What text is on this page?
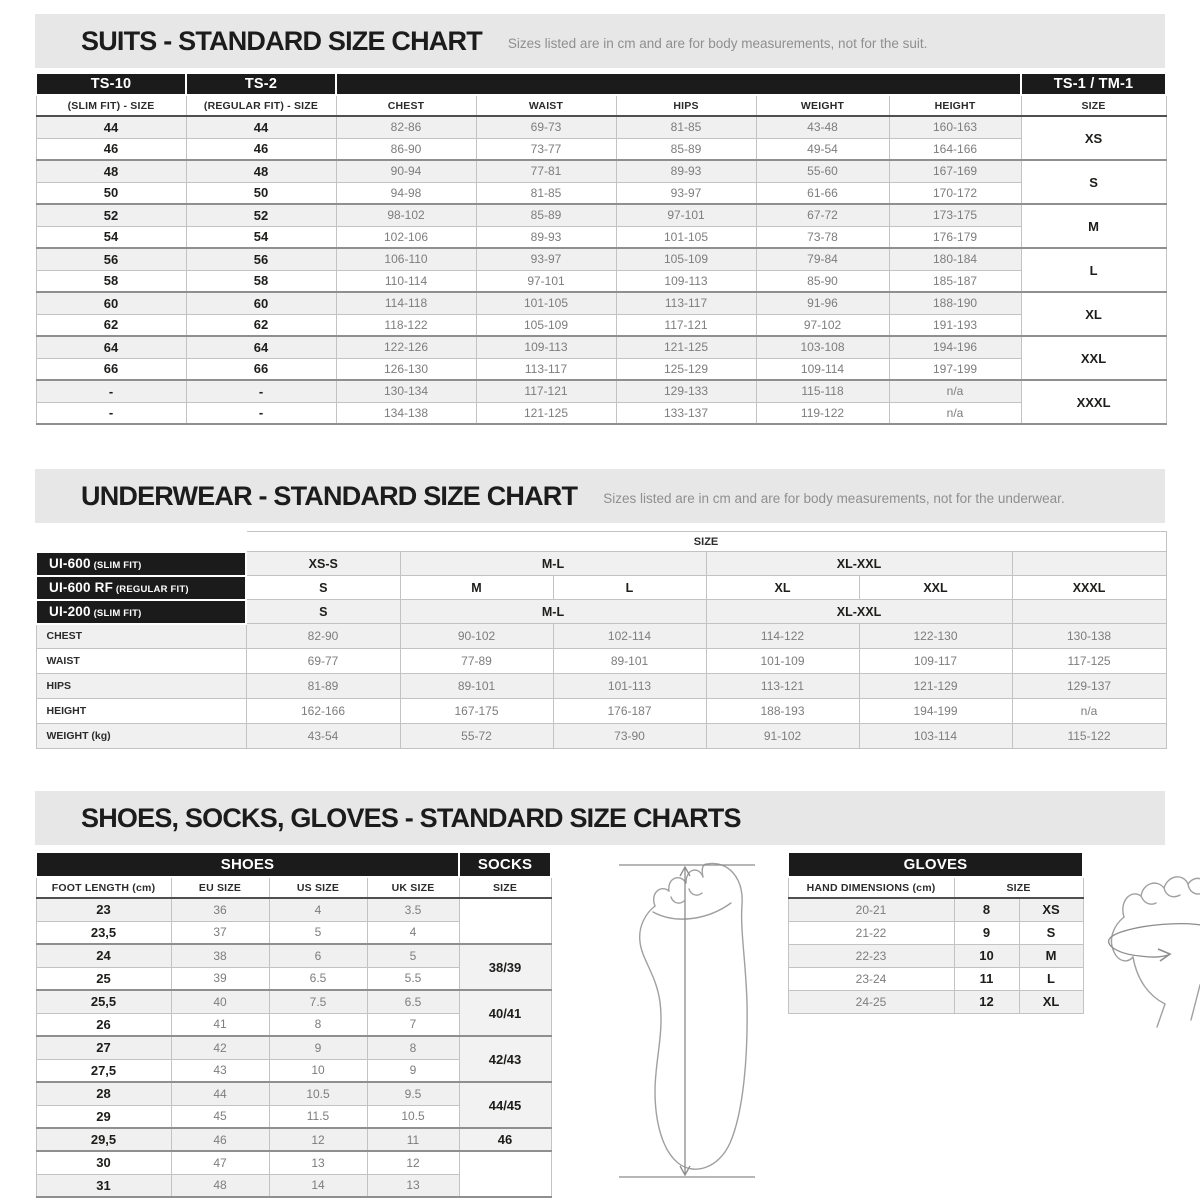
SUITS - STANDARD SIZE CHART Sizes listed are in cm and are for body measurements, not for the suit.
TS-10	TS-2						TS-1 / TM-1
(SLIM FIT) - SIZE	(REGULAR FIT) - SIZE	CHEST	WAIST	HIPS	WEIGHT	HEIGHT	SIZE
44	44	82-86	69-73	81-85	43-48	160-163	XS
46	46	86-90	73-77	85-89	49-54	164-166	
48	48	90-94	77-81	89-93	55-60	167-169	S
50	50	94-98	81-85	93-97	61-66	170-172	
52	52	98-102	85-89	97-101	67-72	173-175	M
54	54	102-106	89-93	101-105	73-78	176-179	
56	56	106-110	93-97	105-109	79-84	180-184	L
58	58	110-114	97-101	109-113	85-90	185-187	
60	60	114-118	101-105	113-117	91-96	188-190	XL
62	62	118-122	105-109	117-121	97-102	191-193	
64	64	122-126	109-113	121-125	103-108	194-196	XXL
66	66	126-130	113-117	125-129	109-114	197-199	
-	-	130-134	117-121	129-133	115-118	n/a	XXXL
-	-	134-138	121-125	133-137	119-122	n/a	
UNDERWEAR - STANDARD SIZE CHART Sizes listed are in cm and are for body measurements, not for the underwear.
	SIZE					
UI-600 (SLIM FIT)	XS-S	M-L		XL-XXL		
UI-600 RF (REGULAR FIT)	S	M	L	XL	XXL	XXXL
UI-200 (SLIM FIT)	S	M-L		XL-XXL		
CHEST	82-90	90-102	102-114	114-122	122-130	130-138
WAIST	69-77	77-89	89-101	101-109	109-117	117-125
HIPS	81-89	89-101	101-113	113-121	121-129	129-137
HEIGHT	162-166	167-175	176-187	188-193	194-199	n/a
WEIGHT (kg)	43-54	55-72	73-90	91-102	103-114	115-122
SHOES, SOCKS, GLOVES - STANDARD SIZE CHARTS
SHOES				SOCKS
FOOT LENGTH (cm)	EU SIZE	US SIZE	UK SIZE	SIZE
23	36	4	3.5	
23,5	37	5	4	
24	38	6	5	38/39
25	39	6.5	5.5	
25,5	40	7.5	6.5	40/41
26	41	8	7	
27	42	9	8	42/43
27,5	43	10	9	
28	44	10.5	9.5	44/45
29	45	11.5	10.5	
29,5	46	12	11	46
30	47	13	12	
31	48	14	13	
GLOVES		
HAND DIMENSIONS (cm)	SIZE	
20-21	8	XS
21-22	9	S
22-23	10	M
23-24	11	L
24-25	12	XL
